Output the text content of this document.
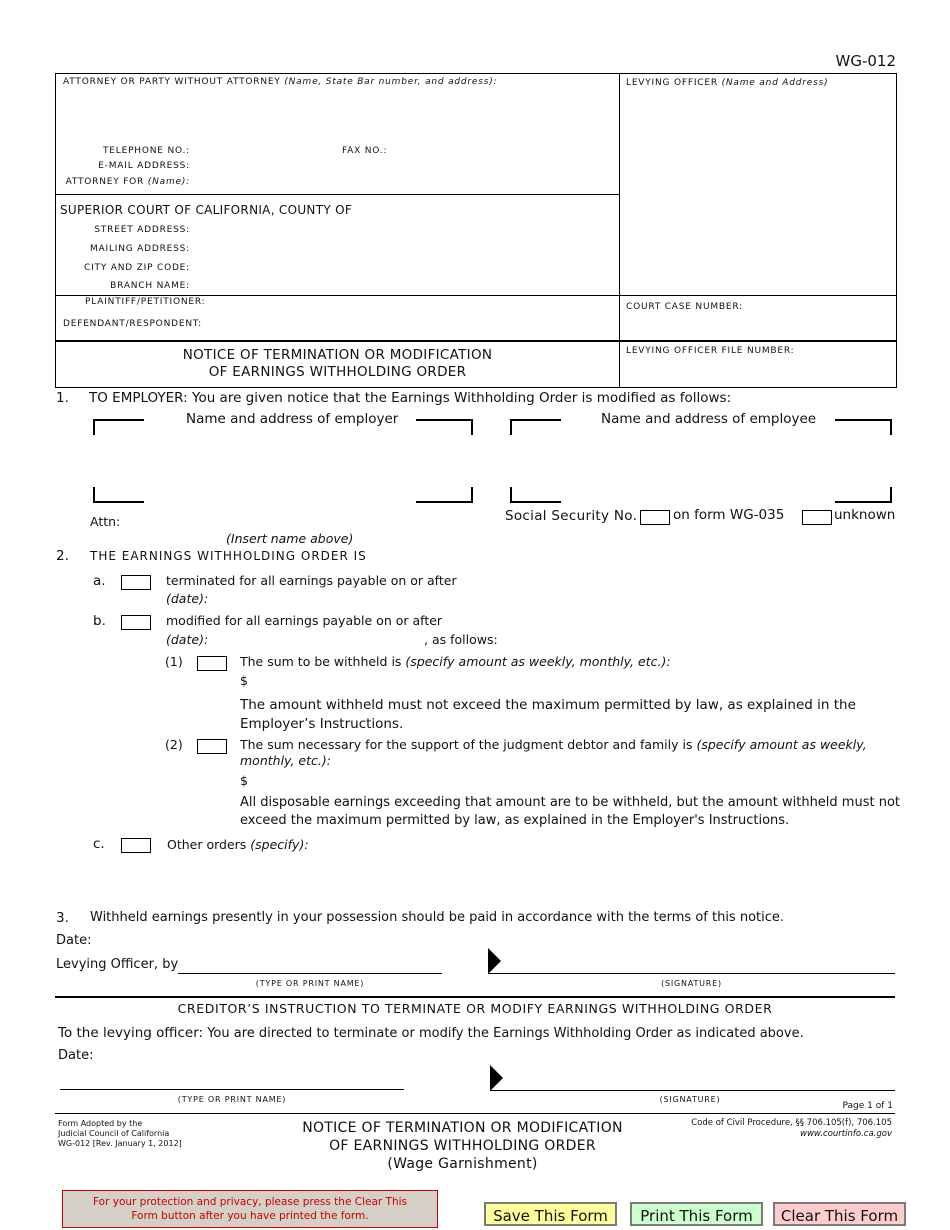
WG-012
ATTORNEY OR PARTY WITHOUT ATTORNEY (Name, State Bar number, and address):	LEVYING OFFICER (Name and Address)
TELEPHONE NO.:	FAX NO.:
E-MAIL ADDRESS:
ATTORNEY FOR (Name):
SUPERIOR COURT OF CALIFORNIA, COUNTY OF
STREET ADDRESS:
MAILING ADDRESS:
CITY AND ZIP CODE:
BRANCH NAME:
PLAINTIFF/PETITIONER:
DEFENDANT/RESPONDENT:
COURT CASE NUMBER:
LEVYING OFFICER FILE NUMBER:
NOTICE OF TERMINATION OR MODIFICATION
OF EARNINGS WITHHOLDING ORDER
1. TO EMPLOYER: You are given notice that the Earnings Withholding Order is modified as follows:
Name and address of employer	Name and address of employee
Attn:
(Insert name above)
Social Security No.	on form WG-035	unknown
2. THE EARNINGS WITHHOLDING ORDER IS
a.	terminated for all earnings payable on or after
(date):
b.	modified for all earnings payable on or after
(date):	, as follows:
(1)	The sum to be withheld is (specify amount as weekly, monthly, etc.):
$
The amount withheld must not exceed the maximum permitted by law, as explained in the
Employer’s Instructions.
(2)	The sum necessary for the support of the judgment debtor and family is (specify amount as weekly,
monthly, etc.):
$
All disposable earnings exceeding that amount are to be withheld, but the amount withheld must not
exceed the maximum permitted by law, as explained in the Employer's Instructions.
c.	Other orders (specify):
3. Withheld earnings presently in your possession should be paid in accordance with the terms of this notice.
Date:
Levying Officer, by
(TYPE OR PRINT NAME)	(SIGNATURE)
CREDITOR’S INSTRUCTION TO TERMINATE OR MODIFY EARNINGS WITHHOLDING ORDER
To the levying officer: You are directed to terminate or modify the Earnings Withholding Order as indicated above.
Date:
(TYPE OR PRINT NAME)	(SIGNATURE)
Page 1 of 1
Form Adopted by the
Judicial Council of California
WG-012 [Rev. January 1, 2012]
NOTICE OF TERMINATION OR MODIFICATION
OF EARNINGS WITHHOLDING ORDER
(Wage Garnishment)
Code of Civil Procedure, §§ 706.105(f), 706.105
www.courtinfo.ca.gov
For your protection and privacy, please press the Clear This Form button after you have printed the form.	Save This Form	Print This Form	Clear This Form
